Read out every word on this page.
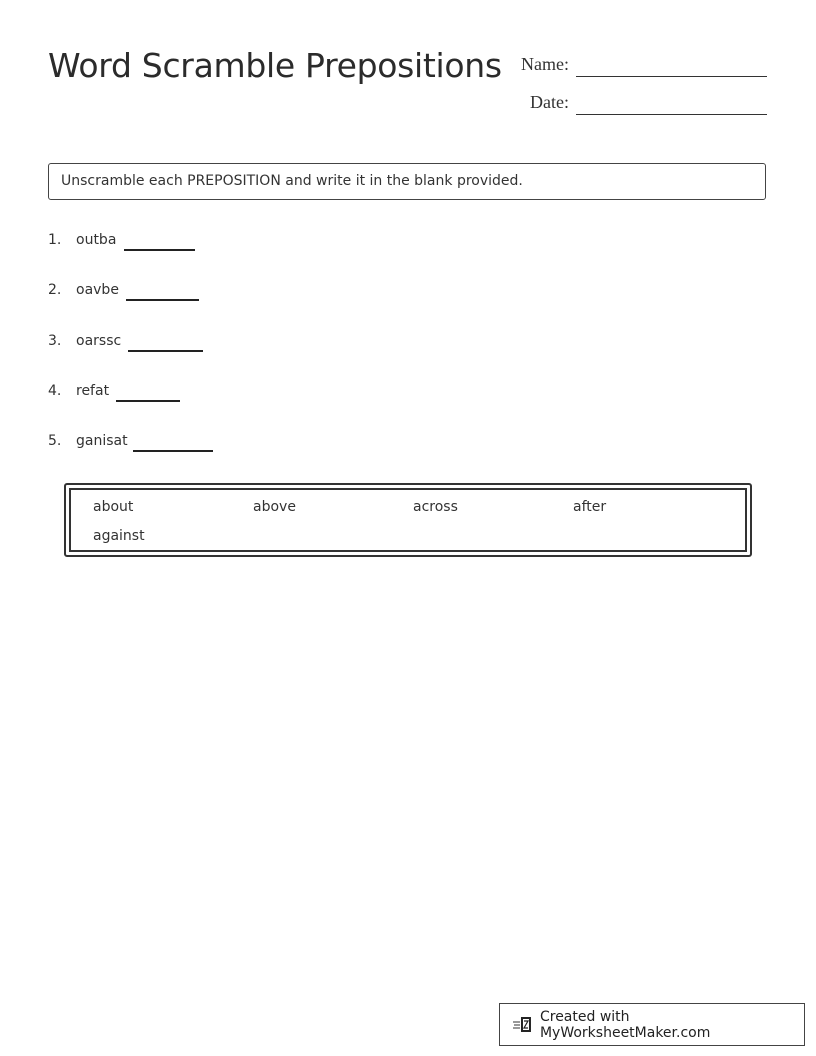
Word Scramble Prepositions Name:
Date:
Unscramble each PREPOSITION and write it in the blank provided.
1. outba
2. oavbe
3. oarssc
4. refat
5. ganisat
about	above	across	after
against
Created with MyWorksheetMaker.com
